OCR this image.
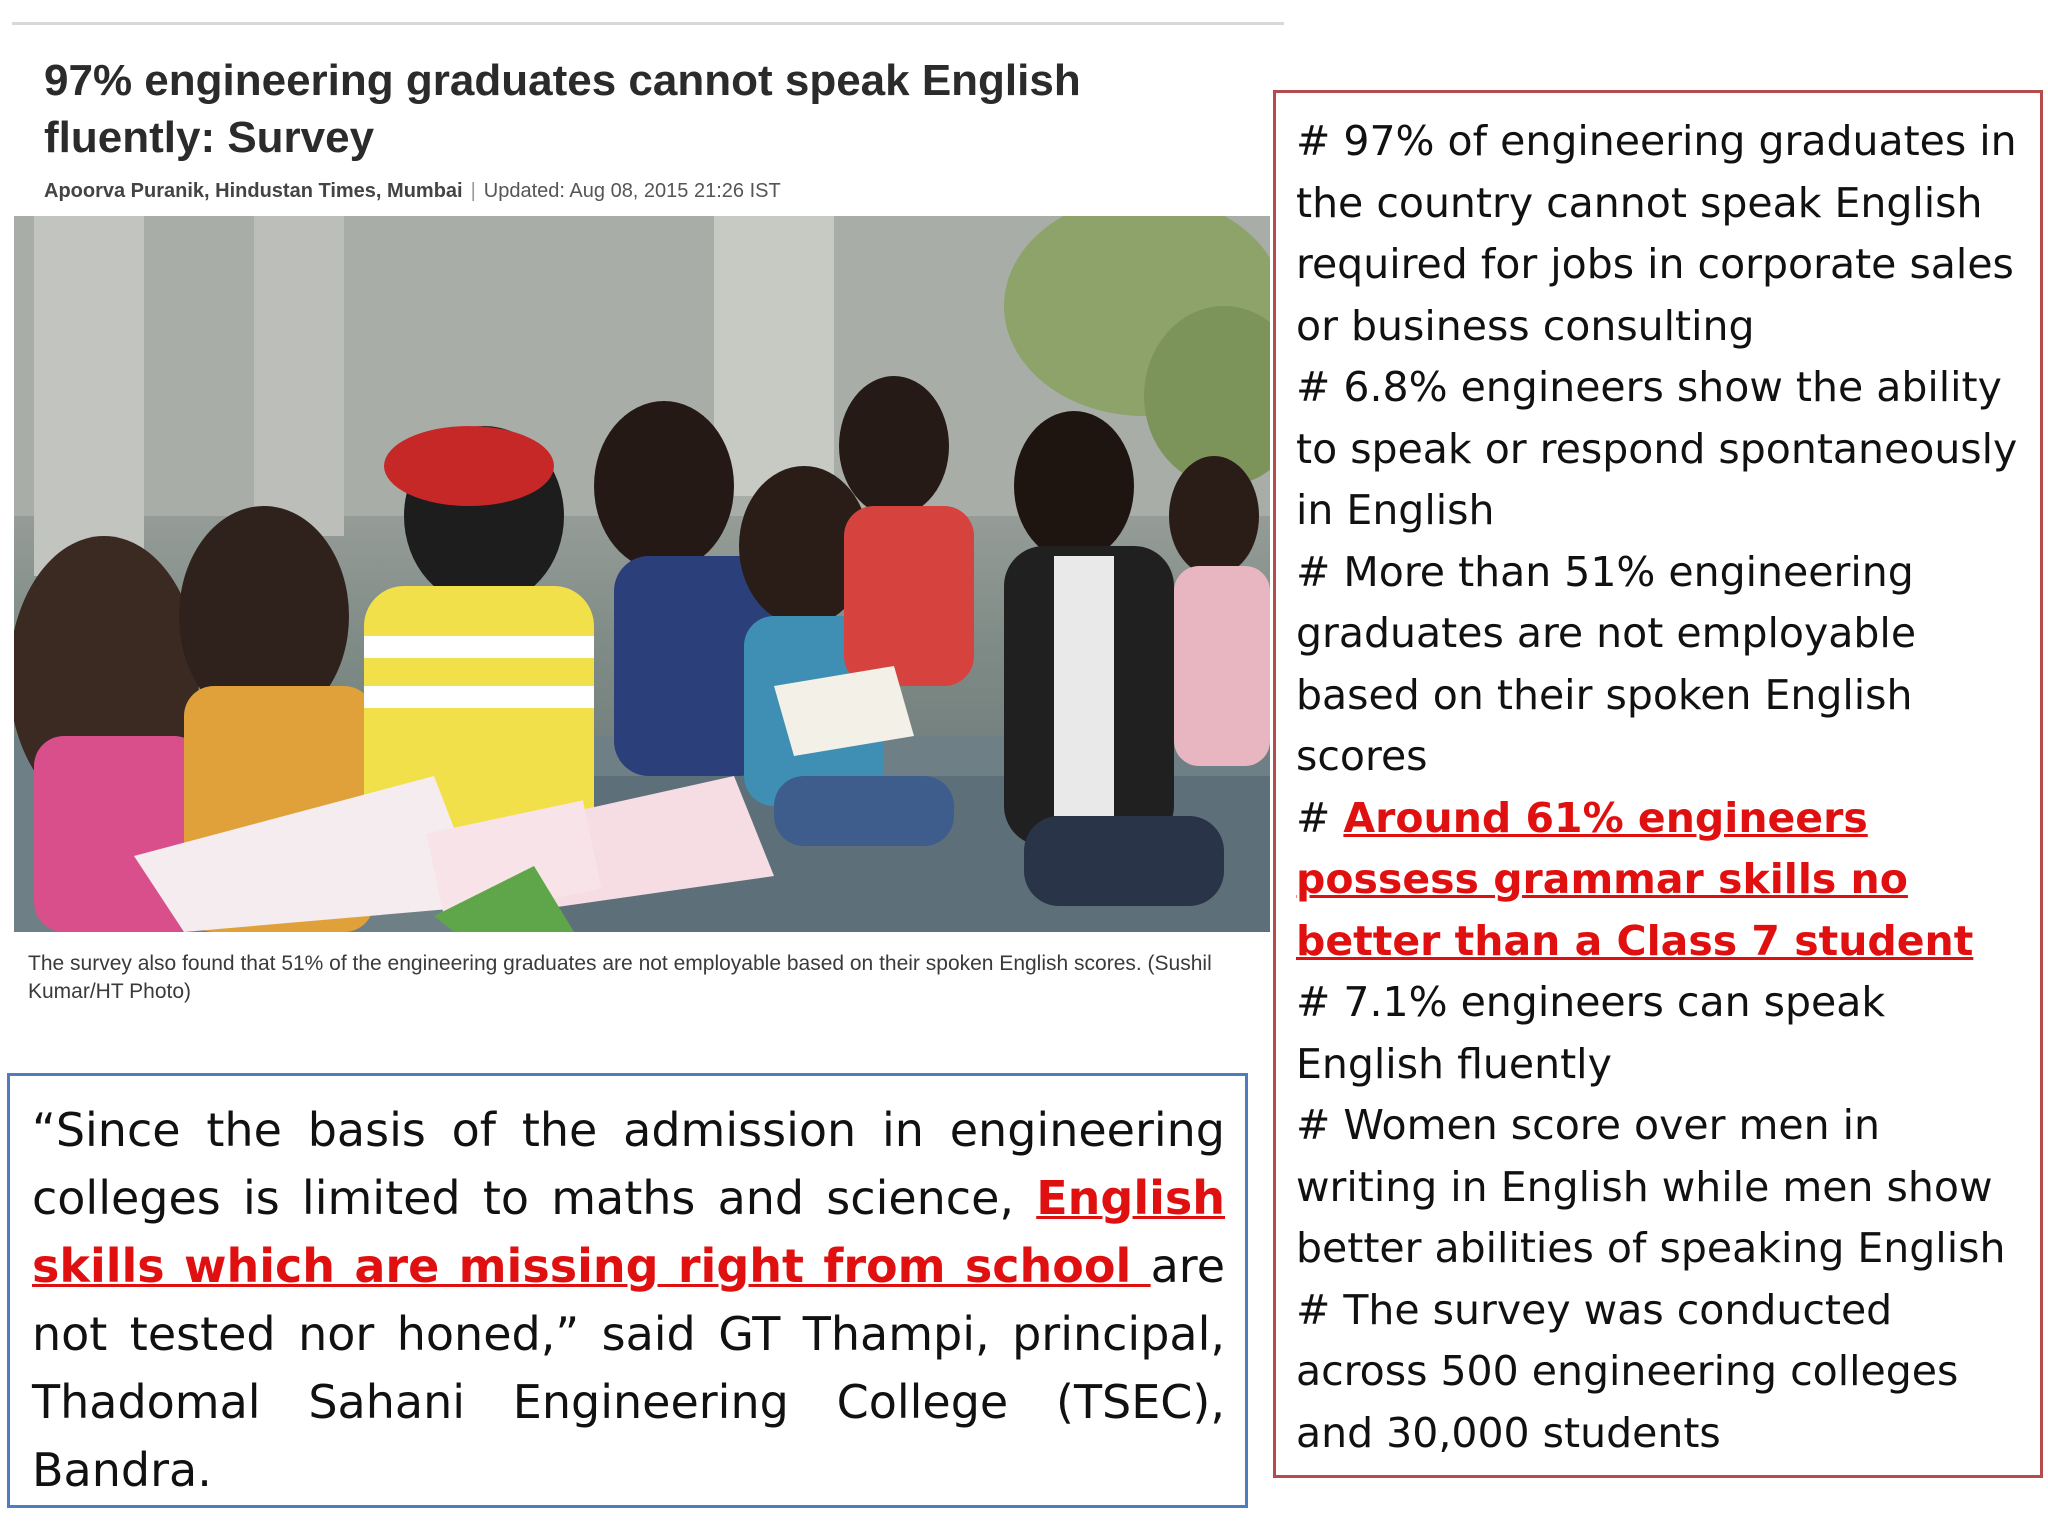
97% engineering graduates cannot speak English fluently: Survey
Apoorva Puranik, Hindustan Times, Mumbai | Updated: Aug 08, 2015 21:26 IST

The survey also found that 51% of the engineering graduates are not employable based on their spoken English scores. (Sushil Kumar/HT Photo)

“Since the basis of the admission in engineering colleges is limited to maths and science, English skills which are missing right from school are not tested nor honed,” said GT Thampi, principal, Thadomal Sahani Engineering College (TSEC), Bandra.

# 97% of engineering graduates in the country cannot speak English required for jobs in corporate sales or business consulting
# 6.8% engineers show the ability to speak or respond spontaneously in English
# More than 51% engineering graduates are not employable based on their spoken English scores
# Around 61% engineers possess grammar skills no better than a Class 7 student
# 7.1% engineers can speak English fluently
# Women score over men in writing in English while men show better abilities of speaking English
# The survey was conducted across 500 engineering colleges and 30,000 students
